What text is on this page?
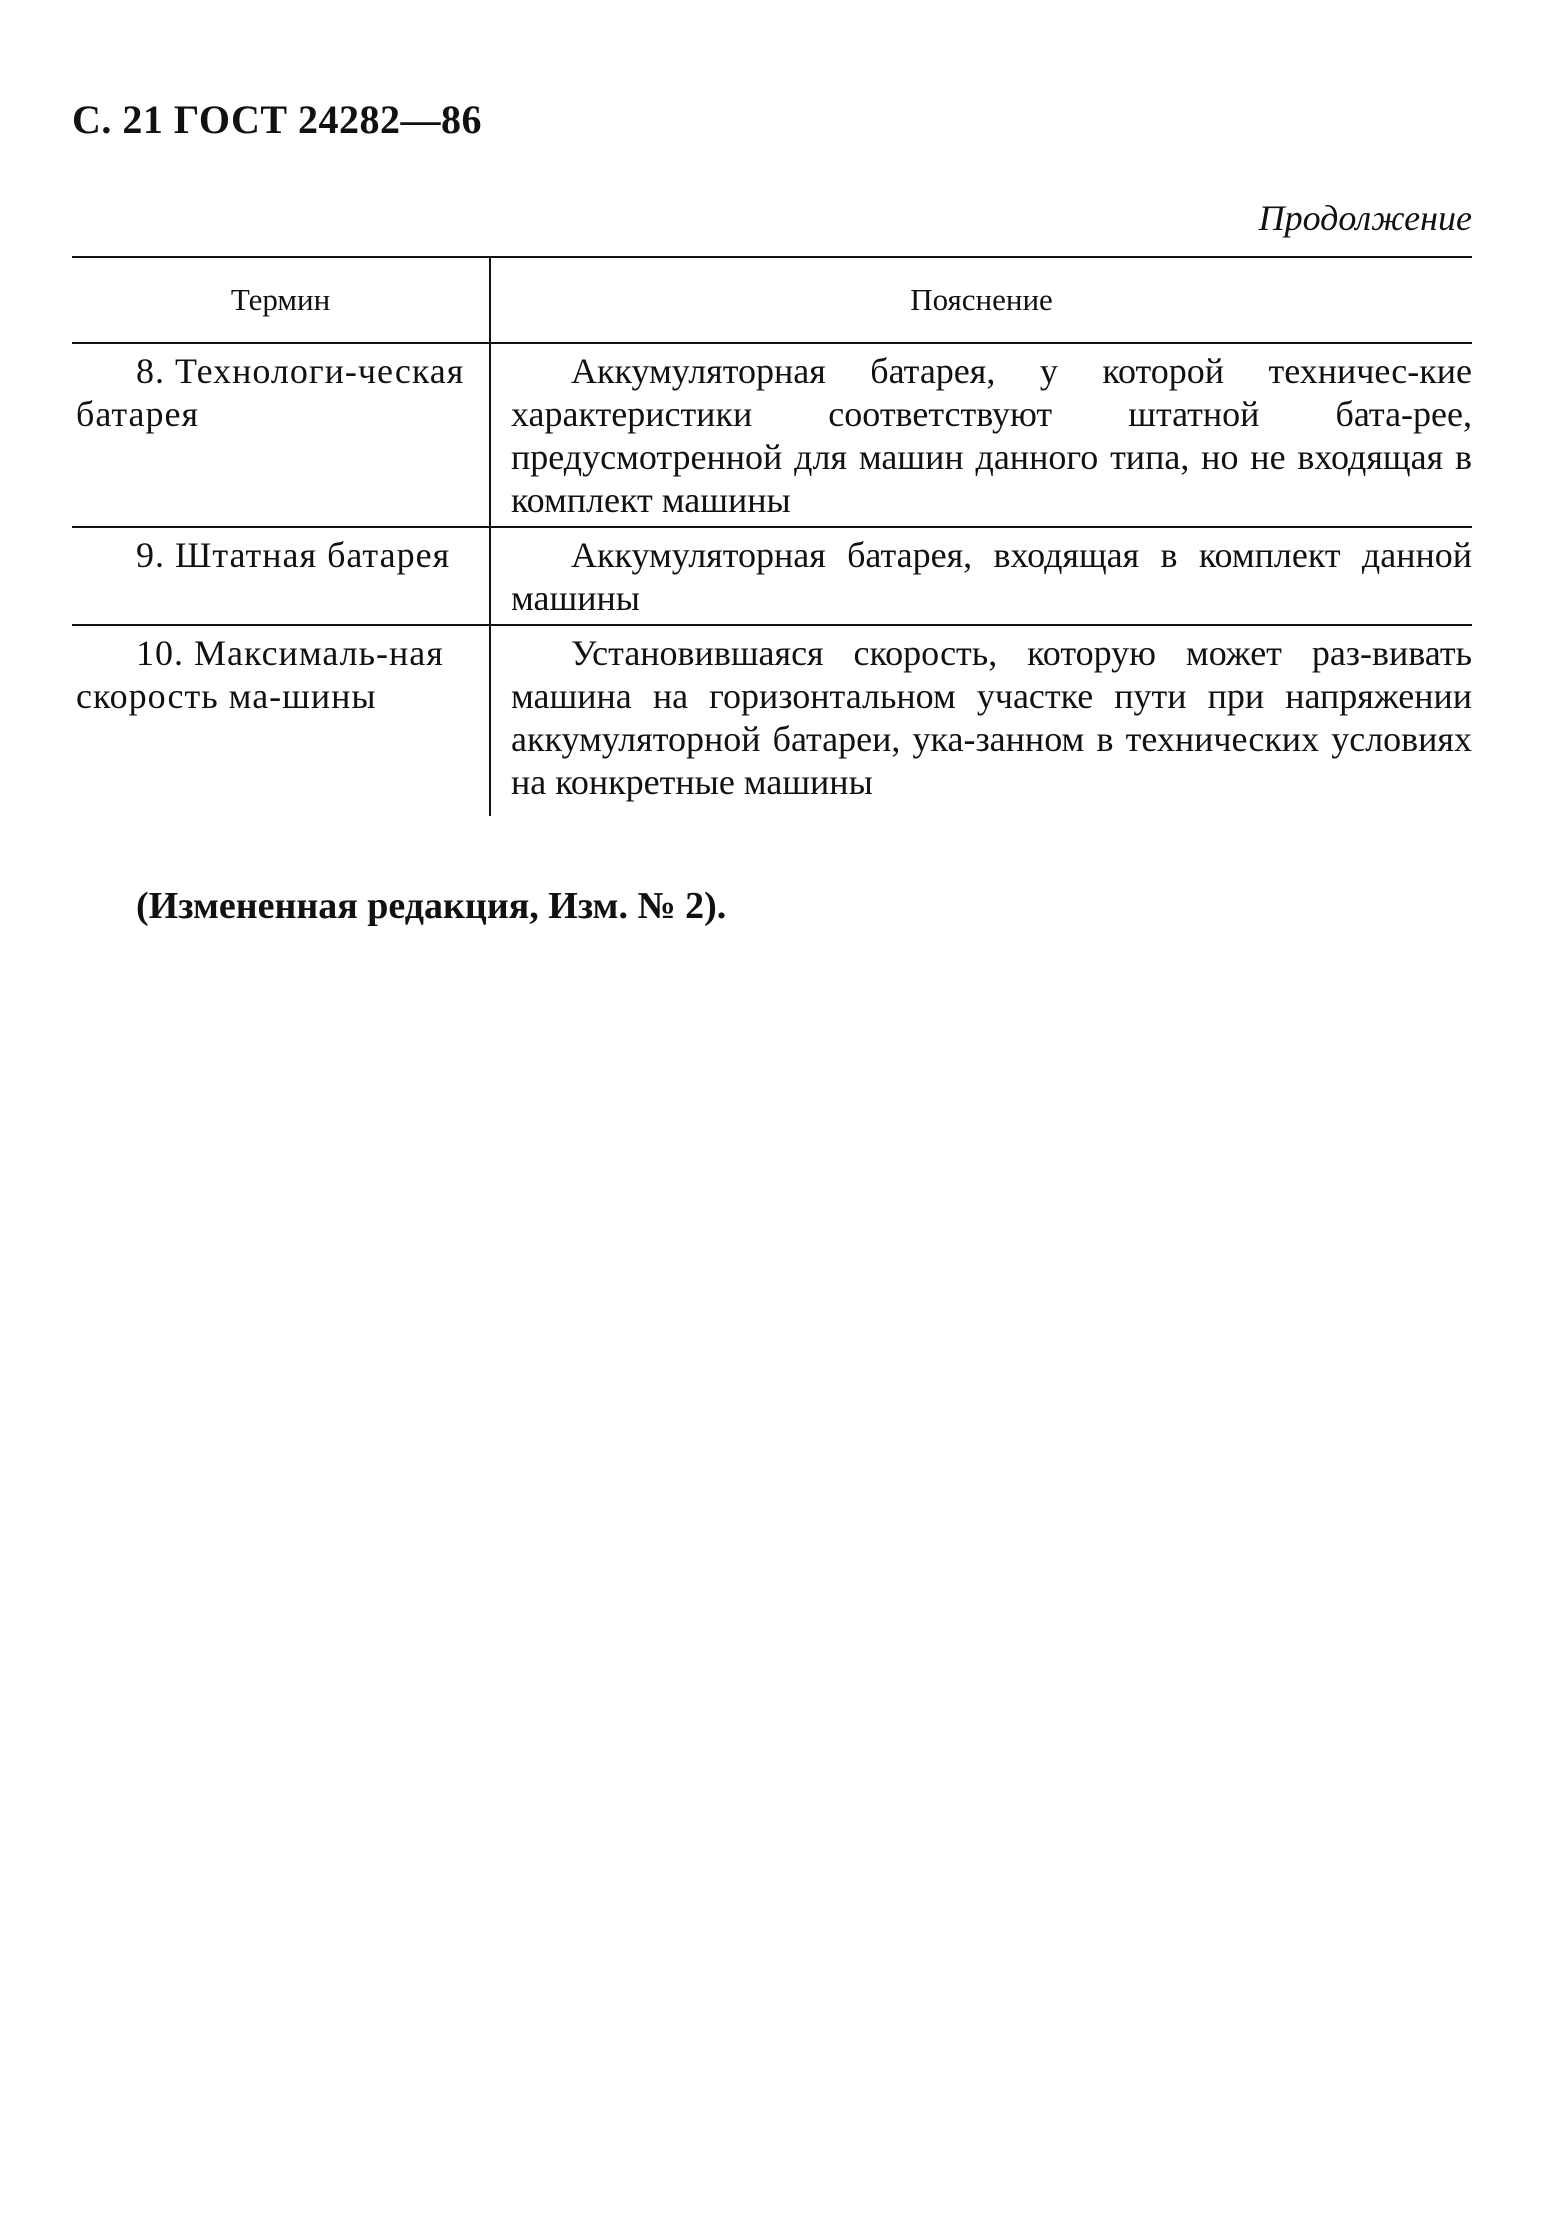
С. 21 ГОСТ 24282—86
Продолжение
Термин	Пояснение
8. Технологи-ческая батарея	Аккумуляторная батарея, у которой техничес-кие характеристики соответствуют штатной бата-рее, предусмотренной для машин данного типа, но не входящая в комплект машины
9. Штатная батарея	Аккумуляторная батарея, входящая в комплект данной машины
10. Максималь-ная скорость ма-шины	Установившаяся скорость, которую может раз-вивать машина на горизонтальном участке пути при напряжении аккумуляторной батареи, ука-занном в технических условиях на конкретные машины
(Измененная редакция, Изм. № 2).
